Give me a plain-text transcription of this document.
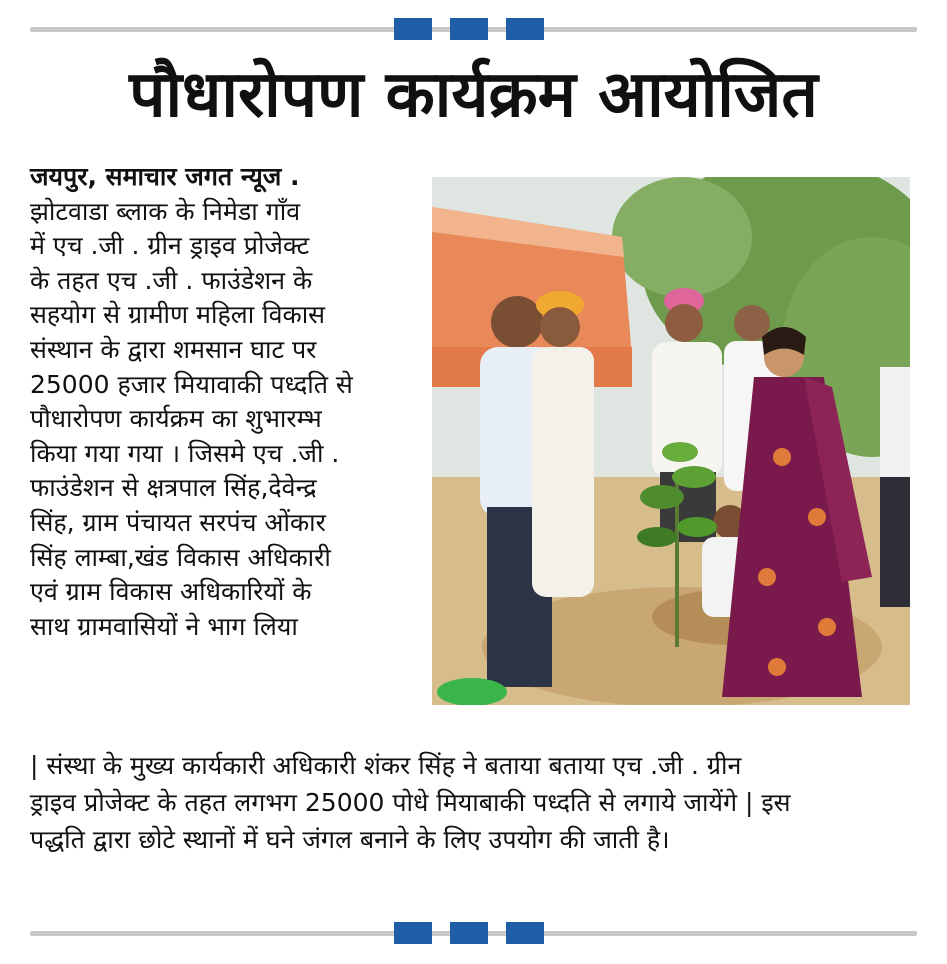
पौधारोपण कार्यक्रम आयोजित
जयपुर, समाचार जगत न्यूज .
झोटवाडा ब्लाक के निमेडा गाँव
में एच .जी . ग्रीन ड्राइव प्रोजेक्ट
के तहत एच .जी . फाउंडेशन के
सहयोग से ग्रामीण महिला विकास
संस्थान के द्वारा शमसान घाट पर
25000 हजार मियावाकी पध्दति से
पौधारोपण कार्यक्रम का शुभारम्भ
किया गया गया । जिसमे एच .जी .
फाउंडेशन से क्षत्रपाल सिंह,देवेन्द्र
सिंह, ग्राम पंचायत सरपंच ओंकार
सिंह लाम्बा,खंड विकास अधिकारी
एवं ग्राम विकास अधिकारियों के
साथ ग्रामवासियों ने भाग लिया
| संस्था के मुख्य कार्यकारी अधिकारी शंकर सिंह ने बताया बताया एच .जी . ग्रीन
ड्राइव प्रोजेक्ट के तहत लगभग 25000 पोधे मियाबाकी पध्दति से लगाये जायेंगे | इस
पद्धति द्वारा छोटे स्थानों में घने जंगल बनाने के लिए उपयोग की जाती है।
